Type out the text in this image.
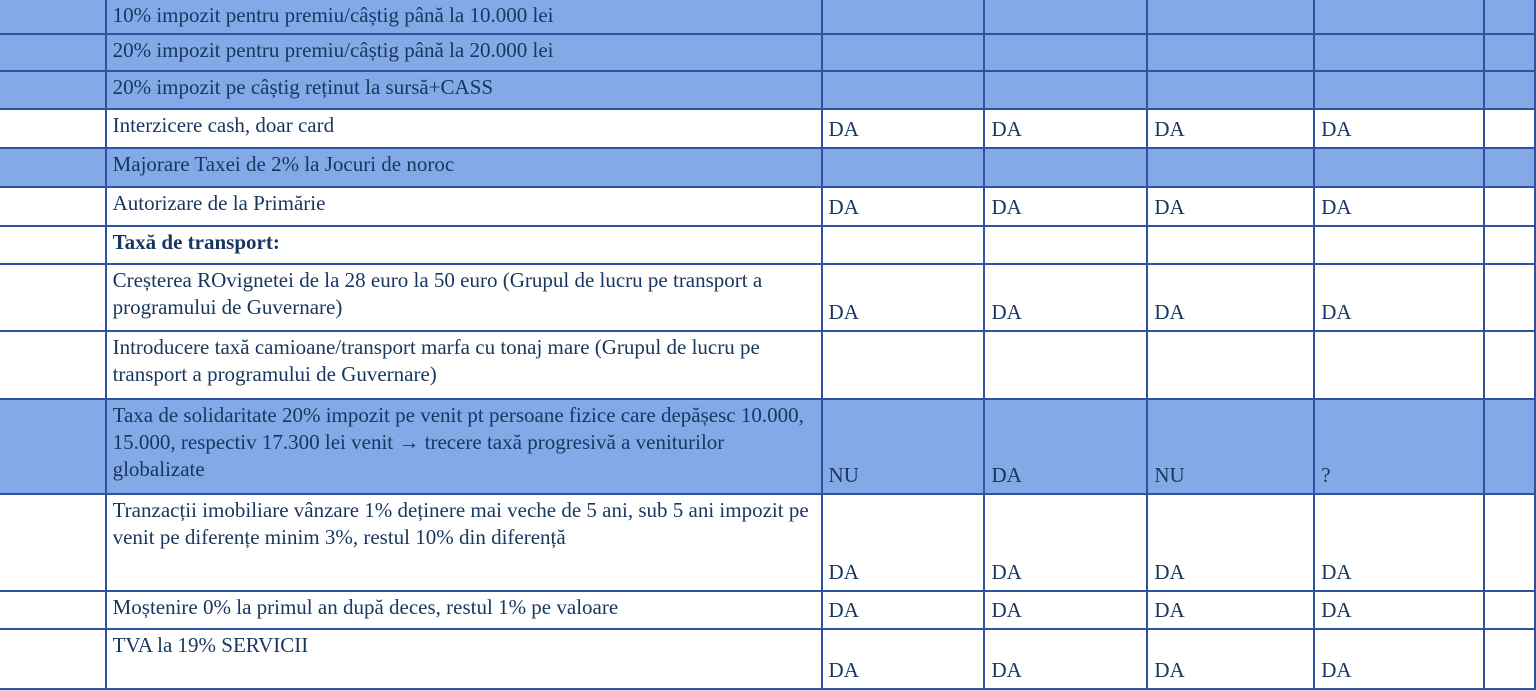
	10% impozit pentru premiu/câștig până la 10.000 lei					
	20% impozit pentru premiu/câștig până la 20.000 lei					
	20% impozit pe câștig reținut la sursă+CASS					
	Interzicere cash, doar card	DA	DA	DA	DA	
	Majorare Taxei de 2% la Jocuri de noroc					
	Autorizare de la Primărie	DA	DA	DA	DA	
	Taxă de transport:					
	Creșterea ROvignetei de la 28 euro la 50 euro (Grupul de lucru pe transport a programului de Guvernare)	DA	DA	DA	DA	
	Introducere taxă camioane/transport marfa cu tonaj mare (Grupul de lucru pe transport a programului de Guvernare)					
	Taxa de solidaritate 20% impozit pe venit pt persoane fizice care depășesc 10.000, 15.000, respectiv 17.300 lei venit → trecere taxă progresivă a veniturilor globalizate	NU	DA	NU	?	
	Tranzacții imobiliare vânzare 1% deținere mai veche de 5 ani, sub 5 ani impozit pe venit pe diferențe minim 3%, restul 10% din diferență	DA	DA	DA	DA	
	Moștenire 0% la primul an după deces, restul 1% pe valoare	DA	DA	DA	DA	
	TVA la 19% SERVICII	DA	DA	DA	DA	
